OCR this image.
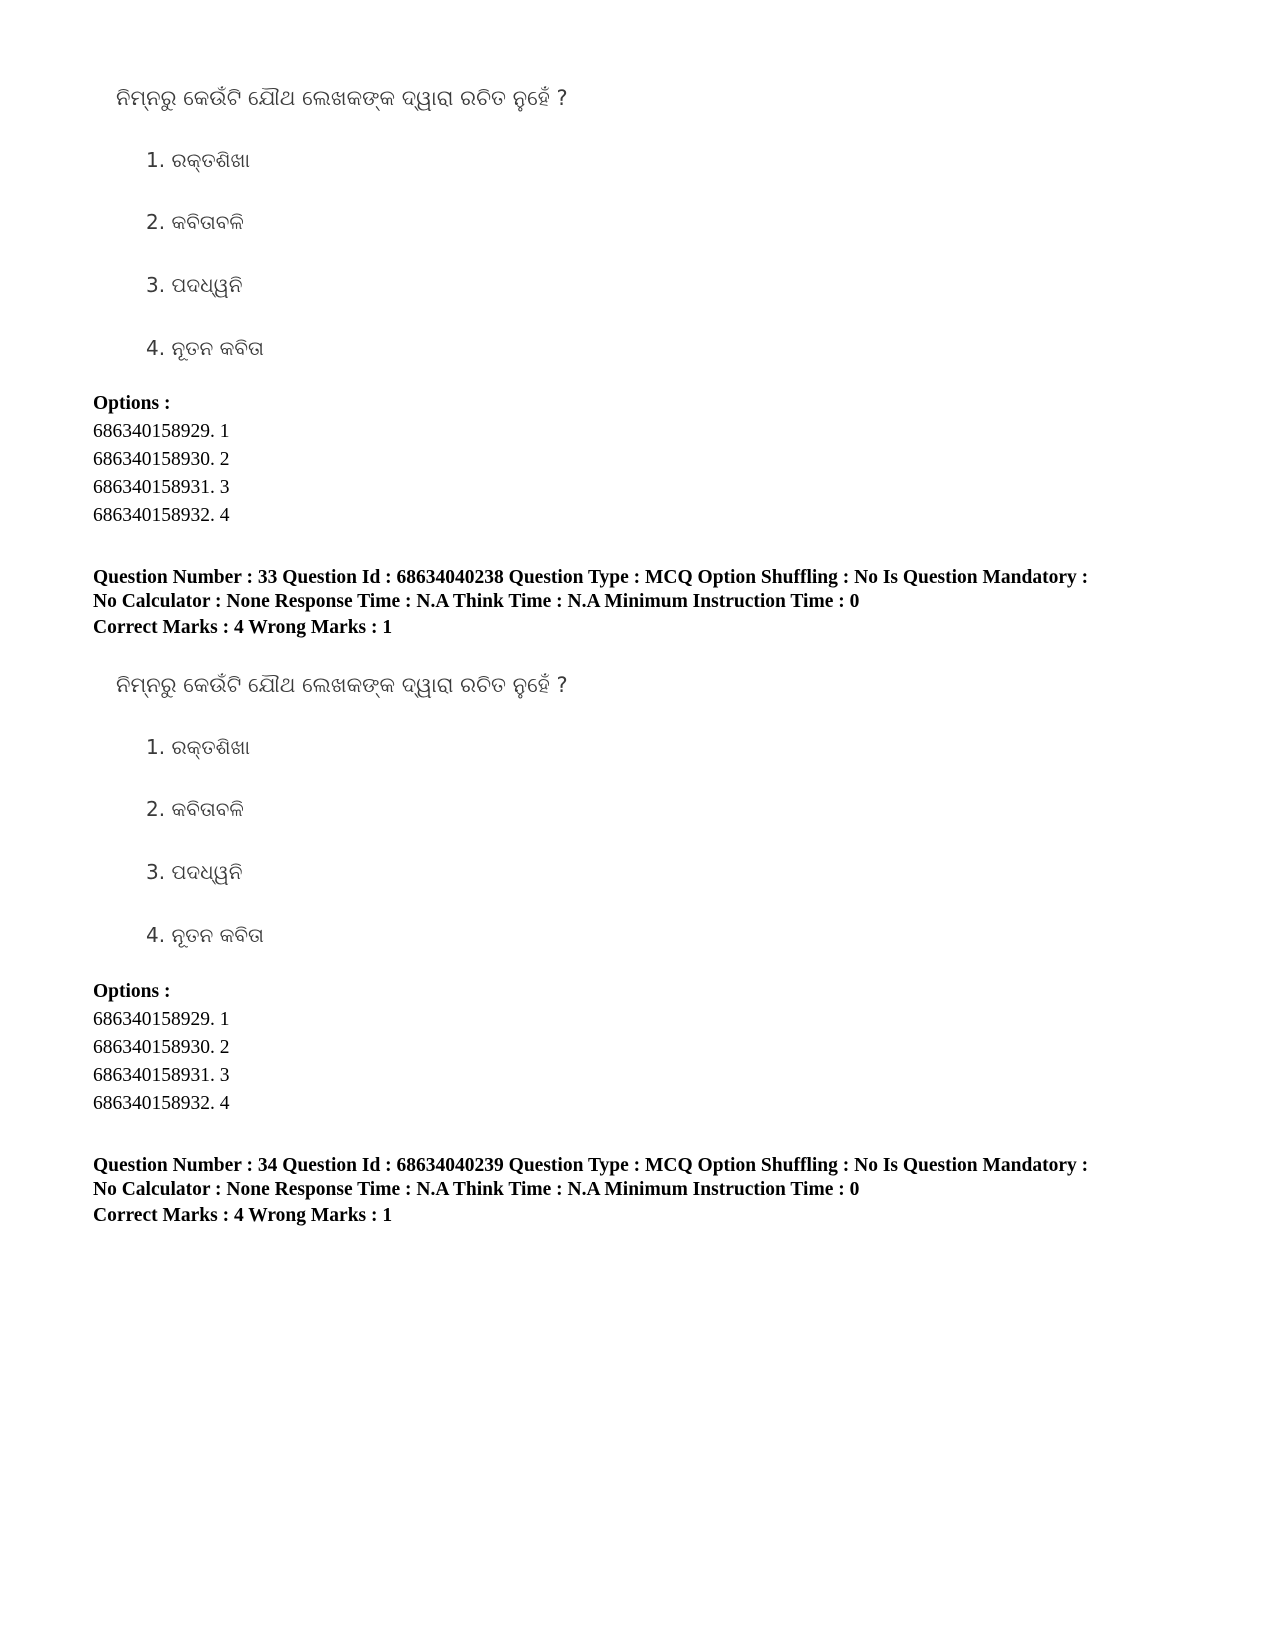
ନିମ୍ନରୁ କେଉଁଟି ଯୌଥ ଲେଖକଙ୍କ ଦ୍ୱାରା ରଚିତ ନୁହେଁ ?
1. ରକ୍ତଶିଖା
2. କବିତାବଳି
3. ପଦଧ୍ୱନି
4. ନୂତନ କବିତା
Options :
686340158929. 1
686340158930. 2
686340158931. 3
686340158932. 4
Question Number : 33 Question Id : 68634040238 Question Type : MCQ Option Shuffling : No Is Question Mandatory :
No Calculator : None Response Time : N.A Think Time : N.A Minimum Instruction Time : 0
Correct Marks : 4 Wrong Marks : 1
ନିମ୍ନରୁ କେଉଁଟି ଯୌଥ ଲେଖକଙ୍କ ଦ୍ୱାରା ରଚିତ ନୁହେଁ ?
1. ରକ୍ତଶିଖା
2. କବିତାବଳି
3. ପଦଧ୍ୱନି
4. ନୂତନ କବିତା
Options :
686340158929. 1
686340158930. 2
686340158931. 3
686340158932. 4
Question Number : 34 Question Id : 68634040239 Question Type : MCQ Option Shuffling : No Is Question Mandatory :
No Calculator : None Response Time : N.A Think Time : N.A Minimum Instruction Time : 0
Correct Marks : 4 Wrong Marks : 1
